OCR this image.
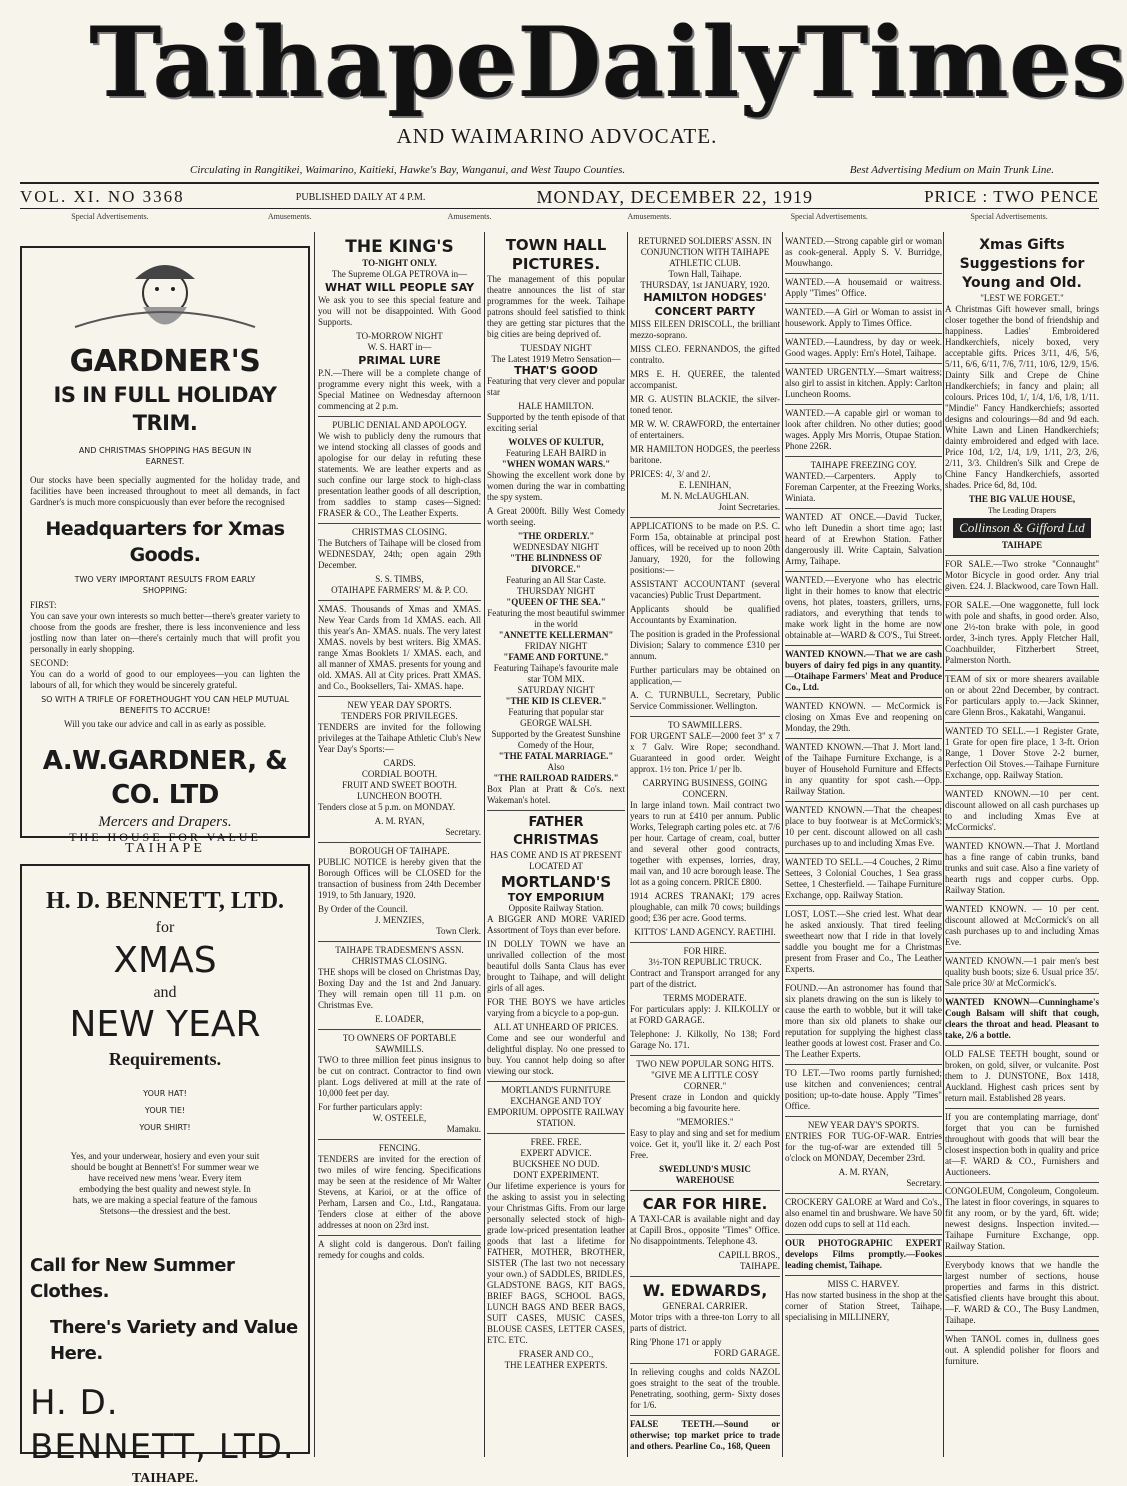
Taihape Daily Times
AND WAIMARINO ADVOCATE.
Circulating in Rangitikei, Waimarino, Kaitieki, Hawke's Bay, Wanganui, and West Taupo Counties.	Best Advertising Medium on Main Trunk Line.
VOL. XI. NO 3368	PUBLISHED DAILY AT 4 P.M.	MONDAY, DECEMBER 22, 1919	PRICE : TWO PENCE
Special Advertisements.	Amusements.	Amusements.	Amusements.	Special Advertisements.	Special Advertisements.
GARDNER'S
IS IN FULL HOLIDAY TRIM.
AND CHRISTMAS SHOPPING HAS BEGUN IN EARNEST.

Our stocks have been specially augmented for the holiday trade, and facilities have been increased throughout to meet all demands, in fact Gardner's is much more conspicuously than ever before the recognised

Headquarters for Xmas Goods.
TWO VERY IMPORTANT RESULTS FROM EARLY SHOPPING:
FIRST:

You can save your own interests so much better—there's greater variety to choose from the goods are fresher, there is less inconvenience and less jostling now than later on—there's certainly much that will profit you personally in early shopping.

SECOND:

You can do a world of good to our employees—you can lighten the labours of all, for which they would be sincerely grateful.

SO WITH A TRIFLE OF FORETHOUGHT YOU CAN HELP MUTUAL BENEFITS TO ACCRUE!
Will you take our advice and call in as early as possible.
A.W.GARDNER, & CO. LTD
Mercers and Drapers.
THE HOUSE FOR VALUE
TAIHAPE
H. D. BENNETT, LTD.
for
XMAS
and
NEW YEAR
Requirements.
YOUR HAT!
YOUR TIE!
YOUR SHIRT!

Yes, and your underwear, hosiery and even your suit should be bought at Bennett's! For summer wear we have received new mens 'wear. Every item embodying the best quality and newest style. In hats, we are making a special feature of the famous Stetsons—the dressiest and the best.

Call for New Summer Clothes.
There's Variety and Value Here.
H. D. BENNETT, LTD.
TAIHAPE.
THE KING'S
TO-NIGHT ONLY.
The Supreme OLGA PETROVA in—
WHAT WILL PEOPLE SAY

We ask you to see this special feature and you will not be disappointed. With Good Supports.

TO-MORROW NIGHT
W. S. HART in—
PRIMAL LURE

P.N.—There will be a complete change of programme every night this week, with a Special Matinee on Wednesday afternoon commencing at 2 p.m.

PUBLIC DENIAL AND APOLOGY.

We wish to publicly deny the rumours that we intend stocking all classes of goods and apologise for our delay in refuting these statements. We are leather experts and as such confine our large stock to high-class presentation leather goods of all description, from saddles to stamp cases—Signed: FRASER & CO., The Leather Experts.

CHRISTMAS CLOSING.

The Butchers of Taihape will be closed from WEDNESDAY, 24th; open again 29th December.

S. S. TIMBS,
OTAIHAPE FARMERS' M. & P. CO.

XMAS. Thousands of Xmas and XMAS. New Year Cards from 1d XMAS. each. All this year's An- XMAS. nuals. The very latest XMAS. novels by best writers. Big XMAS. range Xmas Booklets 1/ XMAS. each, and all manner of XMAS. presents for young and old. XMAS. All at City prices. Pratt XMAS. and Co., Booksellers, Tai- XMAS. hape.

NEW YEAR DAY SPORTS.
TENDERS FOR PRIVILEGES.

TENDERS are invited for the following privileges at the Taihape Athletic Club's New Year Day's Sports:—

CARDS.
CORDIAL BOOTH.
FRUIT AND SWEET BOOTH.
LUNCHEON BOOTH.

Tenders close at 5 p.m. on MONDAY.

A. M. RYAN,
Secretary.
BOROUGH OF TAIHAPE.

PUBLIC NOTICE is hereby given that the Borough Offices will be CLOSED for the transaction of business from 24th December 1919, to 5th January, 1920.

By Order of the Council.
J. MENZIES,
Town Clerk.
TAIHAPE TRADESMEN'S ASSN.
CHRISTMAS CLOSING.

THE shops will be closed on Christmas Day, Boxing Day and the 1st and 2nd January. They will remain open till 11 p.m. on Christmas Eve.

E. LOADER,
TO OWNERS OF PORTABLE SAWMILLS.

TWO to three million feet pinus insignus to be cut on contract. Contractor to find own plant. Logs delivered at mill at the rate of 10,000 feet per day.

For further particulars apply:
W. OSTEELE,
Mamaku.
FENCING.

TENDERS are invited for the erection of two miles of wire fencing. Specifications may be seen at the residence of Mr Walter Stevens, at Karioi, or at the office of Perham, Larsen and Co., Ltd., Rangataua. Tenders close at either of the above addresses at noon on 23rd inst.

A slight cold is dangerous. Don't failing remedy for coughs and colds.

TOWN HALL PICTURES.

The management of this popular theatre announces the list of star programmes for the week. Taihape patrons should feel satisfied to think they are getting star pictures that the big cities are being deprived of.

TUESDAY NIGHT
The Latest 1919 Metro Sensation—
THAT'S GOOD

Featuring that very clever and popular star

HALE HAMILTON.

Supported by the tenth episode of that exciting serial

WOLVES OF KULTUR,
Featuring LEAH BAIRD in
"WHEN WOMAN WARS."

Showing the excellent work done by women during the war in combatting the spy system.

A Great 2000ft. Billy West Comedy worth seeing.

"THE ORDERLY."
WEDNESDAY NIGHT
"THE BLINDNESS OF DIVORCE."
Featuring an All Star Caste.
THURSDAY NIGHT
"QUEEN OF THE SEA."
Featuring the most beautiful swimmer in the world
"ANNETTE KELLERMAN"
FRIDAY NIGHT
"FAME AND FORTUNE."
Featuring Taihape's favourite male star TOM MIX.
SATURDAY NIGHT
"THE KID IS CLEVER."
Featuring that popular star
GEORGE WALSH.
Supported by the Greatest Sunshine Comedy of the Hour,
"THE FATAL MARRIAGE."
Also
"THE RAILROAD RAIDERS."

Box Plan at Pratt & Co's. next Wakeman's hotel.

FATHER CHRISTMAS
HAS COME AND IS AT PRESENT LOCATED AT
MORTLAND'S
TOY EMPORIUM
Opposite Railway Station.

A BIGGER AND MORE VARIED Assortment of Toys than ever before.

IN DOLLY TOWN we have an unrivalled collection of the most beautiful dolls Santa Claus has ever brought to Taihape, and will delight girls of all ages.

FOR THE BOYS we have articles varying from a bicycle to a pop-gun.

ALL AT UNHEARD OF PRICES.

Come and see our wonderful and delightful display. No one pressed to buy. You cannot help doing so after viewing our stock.

MORTLAND'S FURNITURE EXCHANGE AND TOY EMPORIUM. OPPOSITE RAILWAY STATION.
FREE. FREE.
EXPERT ADVICE.
BUCKSHEE NO DUD.
DONT EXPERIMENT.

Our lifetime experience is yours for the asking to assist you in selecting your Christmas Gifts. From our large personally selected stock of high-grade low-priced presentation leather goods that last a lifetime for FATHER, MOTHER, BROTHER, SISTER (The last two not necessary your own.) of SADDLES, BRIDLES, GLADSTONE BAGS, KIT BAGS, BRIEF BAGS, SCHOOL BAGS, LUNCH BAGS AND BEER BAGS, SUIT CASES, MUSIC CASES, BLOUSE CASES, LETTER CASES, ETC. ETC.

FRASER AND CO.,
THE LEATHER EXPERTS.
RETURNED SOLDIERS' ASSN. IN CONJUNCTION WITH TAIHAPE ATHLETIC CLUB.
Town Hall, Taihape.
THURSDAY, 1st JANUARY, 1920.
HAMILTON HODGES' CONCERT PARTY

MISS EILEEN DRISCOLL, the brilliant mezzo-soprano.

MISS CLEO. FERNANDOS, the gifted contralto.

MRS E. H. QUEREE, the talented accompanist.

MR G. AUSTIN BLACKIE, the silver-toned tenor.

MR W. W. CRAWFORD, the entertainer of entertainers.

MR HAMILTON HODGES, the peerless baritone.

PRICES: 4/, 3/ and 2/.
E. LENIHAN,
M. N. McLAUGHLAN.
Joint Secretaries.

APPLICATIONS to be made on P.S. C. Form 15a, obtainable at principal post offices, will be received up to noon 20th January, 1920, for the following positions:—

ASSISTANT ACCOUNTANT (several vacancies) Public Trust Department.

Applicants should be qualified Accountants by Examination.

The position is graded in the Professional Division; Salary to commence £310 per annum.

Further particulars may be obtained on application,—

A. C. TURNBULL, Secretary, Public Service Commissioner. Wellington.

TO SAWMILLERS.

FOR URGENT SALE—2000 feet 3" x 7 x 7 Galv. Wire Rope; secondhand. Guaranteed in good order. Weight approx. 1½ ton. Price 1/ per lb.

CARRYING BUSINESS, GOING CONCERN.

In large inland town. Mail contract two years to run at £410 per annum. Public Works, Telegraph carting poles etc. at 7/6 per hour. Cartage of cream, coal, butter and several other good contracts, together with expenses, lorries, dray, mail van, and 10 acre borough lease. The lot as a going concern. PRICE £800.

1914 ACRES TRANAKI; 179 acres ploughable, can milk 70 cows; buildings good; £36 per acre. Good terms.

KITTOS' LAND AGENCY. RAETIHI.
FOR HIRE.
3½-TON REPUBLIC TRUCK.

Contract and Transport arranged for any part of the district.

TERMS MODERATE.

For particulars apply: J. KILKOLLY or at FORD GARAGE.

Telephone: J. Kilkolly, No 138; Ford Garage No. 171.

TWO NEW POPULAR SONG HITS. "GIVE ME A LITTLE COSY CORNER."

Present craze in London and quickly becoming a big favourite here.

"MEMORIES."

Easy to play and sing and set for medium voice. Get it, you'll like it. 2/ each Post Free.

SWEDLUND'S MUSIC WAREHOUSE
CAR FOR HIRE.

A TAXI-CAR is available night and day at Capill Bros., opposite "Times" Office. No disappointments. Telephone 43.

CAPILL BROS.,
TAIHAPE.
W. EDWARDS,
GENERAL CARRIER.

Motor trips with a three-ton Lorry to all parts of district.

Ring 'Phone 171 or apply
FORD GARAGE.

In relieving coughs and colds NAZOL goes straight to the seat of the trouble. Penetrating, soothing, germ- Sixty doses for 1/6.

FALSE TEETH.—Sound or otherwise; top market price to trade and others. Pearline Co., 168, Queen

WANTED.—Strong capable girl or woman as cook-general. Apply S. V. Burridge, Mouwhango.

WANTED.—A housemaid or waitress. Apply "Times" Office.

WANTED.—A Girl or Woman to assist in housework. Apply to Times Office.

WANTED.—Laundress, by day or week. Good wages. Apply: Ern's Hotel, Taihape.

WANTED URGENTLY.—Smart waitress; also girl to assist in kitchen. Apply: Carlton Luncheon Rooms.

WANTED.—A capable girl or woman to look after children. No other duties; good wages. Apply Mrs Morris, Otupae Station. Phone 226R.

TAIHAPE FREEZING COY.

WANTED.—Carpenters. Apply to Foreman Carpenter, at the Freezing Works, Winiata.

WANTED AT ONCE.—David Tucker, who left Dunedin a short time ago; last heard of at Erewhon Station. Father dangerously ill. Write Captain, Salvation Army, Taihape.

WANTED.—Everyone who has electric light in their homes to know that electric ovens, hot plates, toasters, grillers, urns, radiators, and everything that tends to make work light in the home are now obtainable at—WARD & CO'S., Tui Street.

WANTED KNOWN.—That we are cash buyers of dairy fed pigs in any quantity.—Otaihape Farmers' Meat and Produce Co., Ltd.

WANTED KNOWN. — McCormick is closing on Xmas Eve and reopening on Monday, the 29th.

WANTED KNOWN.—That J. Mort land, of the Taihape Furniture Exchange, is a buyer of Household Furniture and Effects in any quantity for spot cash.—Opp. Railway Station.

WANTED KNOWN.—That the cheapest place to buy footwear is at McCormick's; 10 per cent. discount allowed on all cash purchases up to and including Xmas Eve.

WANTED TO SELL.—4 Couches, 2 Rimu Settees, 3 Colonial Couches, 1 Sea grass Settee, 1 Chesterfield. — Taihape Furniture Exchange, opp. Railway Station.

LOST, LOST.—She cried lest. What dear he asked anxiously. That tired feeling sweetheart now that I ride in that lovely saddle you bought me for a Christmas present from Fraser and Co., The Leather Experts.

FOUND.—An astronomer has found that six planets drawing on the sun is likely to cause the earth to wobble, but it will take more than six old planets to shake our reputation for supplying the highest class leather goods at lowest cost. Fraser and Co. The Leather Experts.

TO LET.—Two rooms partly furnished; use kitchen and conveniences; central position; up-to-date house. Apply "Times" Office.

NEW YEAR DAY'S SPORTS.

ENTRIES FOR TUG-OF-WAR. Entries for the tug-of-war are extended till 5 o'clock on MONDAY, December 23rd.

A. M. RYAN,
Secretary.

CROCKERY GALORE at Ward and Co's., also enamel tin and brushware. We have 50 dozen odd cups to sell at 11d each.

OUR PHOTOGRAPHIC EXPERT develops Films promptly.—Fookes leading chemist, Taihape.

MISS C. HARVEY.

Has now started business in the shop at the corner of Station Street, Taihape, specialising in MILLINERY,

Xmas Gifts Suggestions for Young and Old.
"LEST WE FORGET."

A Christmas Gift however small, brings closer together the bond of friendship and happiness. Ladies' Embroidered Handkerchiefs, nicely boxed, very acceptable gifts. Prices 3/11, 4/6, 5/6, 5/11, 6/6, 6/11, 7/6, 7/11, 10/6, 12/9, 15/6. Dainty Silk and Crepe de Chine Handkerchiefs; in fancy and plain; all colours. Prices 10d, 1/, 1/4, 1/6, 1/8, 1/11. "Mindie" Fancy Handkerchiefs; assorted designs and colourings—8d and 9d each. White Lawn and Linen Handkerchiefs; dainty embroidered and edged with lace. Price 10d, 1/2, 1/4, 1/9, 1/11, 2/3, 2/6, 2/11, 3/3. Children's Silk and Crepe de Chine Fancy Handkerchiefs, assorted shades. Price 6d, 8d, 10d.

THE BIG VALUE HOUSE,
The Leading Drapers
Collinson & Gifford Ltd
TAIHAPE

FOR SALE.—Two stroke "Connaught" Motor Bicycle in good order. Any trial given. £24. J. Blackwood, care Town Hall.

FOR SALE.—One waggonette, full lock with pole and shafts, in good order. Also, one 2½-ton brake with pole, in good order, 3-inch tyres. Apply Fletcher Hall, Coachbuilder, Fitzherbert Street, Palmerston North.

TEAM of six or more shearers available on or about 22nd December, by contract. For particulars apply to.—Jack Skinner, care Glenn Bros., Kakatahi, Wanganui.

WANTED TO SELL.—1 Register Grate, 1 Grate for open fire place, 1 3-ft. Orion Range, 1 Dover Stove 2-2 burner, Perfection Oil Stoves.—Taihape Furniture Exchange, opp. Railway Station.

WANTED KNOWN.—10 per cent. discount allowed on all cash purchases up to and including Xmas Eve at McCormicks'.

WANTED KNOWN.—That J. Mortland has a fine range of cabin trunks, band trunks and suit case. Also a fine variety of hearth rugs and copper curbs. Opp. Railway Station.

WANTED KNOWN. — 10 per cent. discount allowed at McCormick's on all cash purchases up to and including Xmas Eve.

WANTED KNOWN.—1 pair men's best quality bush boots; size 6. Usual price 35/. Sale price 30/ at McCormick's.

WANTED KNOWN—Cunninghame's Cough Balsam will shift that cough, clears the throat and head. Pleasant to take, 2/6 a bottle.

OLD FALSE TEETH bought, sound or broken, on gold, silver, or vulcanite. Post them to J. DUNSTONE, Box 1418, Auckland. Highest cash prices sent by return mail. Established 28 years.

If you are contemplating marriage, dont' forget that you can be furnished throughout with goods that will bear the closest inspection both in quality and price at—F. WARD & CO., Furnishers and Auctioneers.

CONGOLEUM, Congoleum, Congoleum. The latest in floor coverings, in squares to fit any room, or by the yard, 6ft. wide; newest designs. Inspection invited.—Taihape Furniture Exchange, opp. Railway Station.

Everybody knows that we handle the largest number of sections, house properties and farms in this district. Satisfied clients have brought this about.—F. WARD & CO., The Busy Landmen, Taihape.

When TANOL comes in, dullness goes out. A splendid polisher for floors and furniture.
